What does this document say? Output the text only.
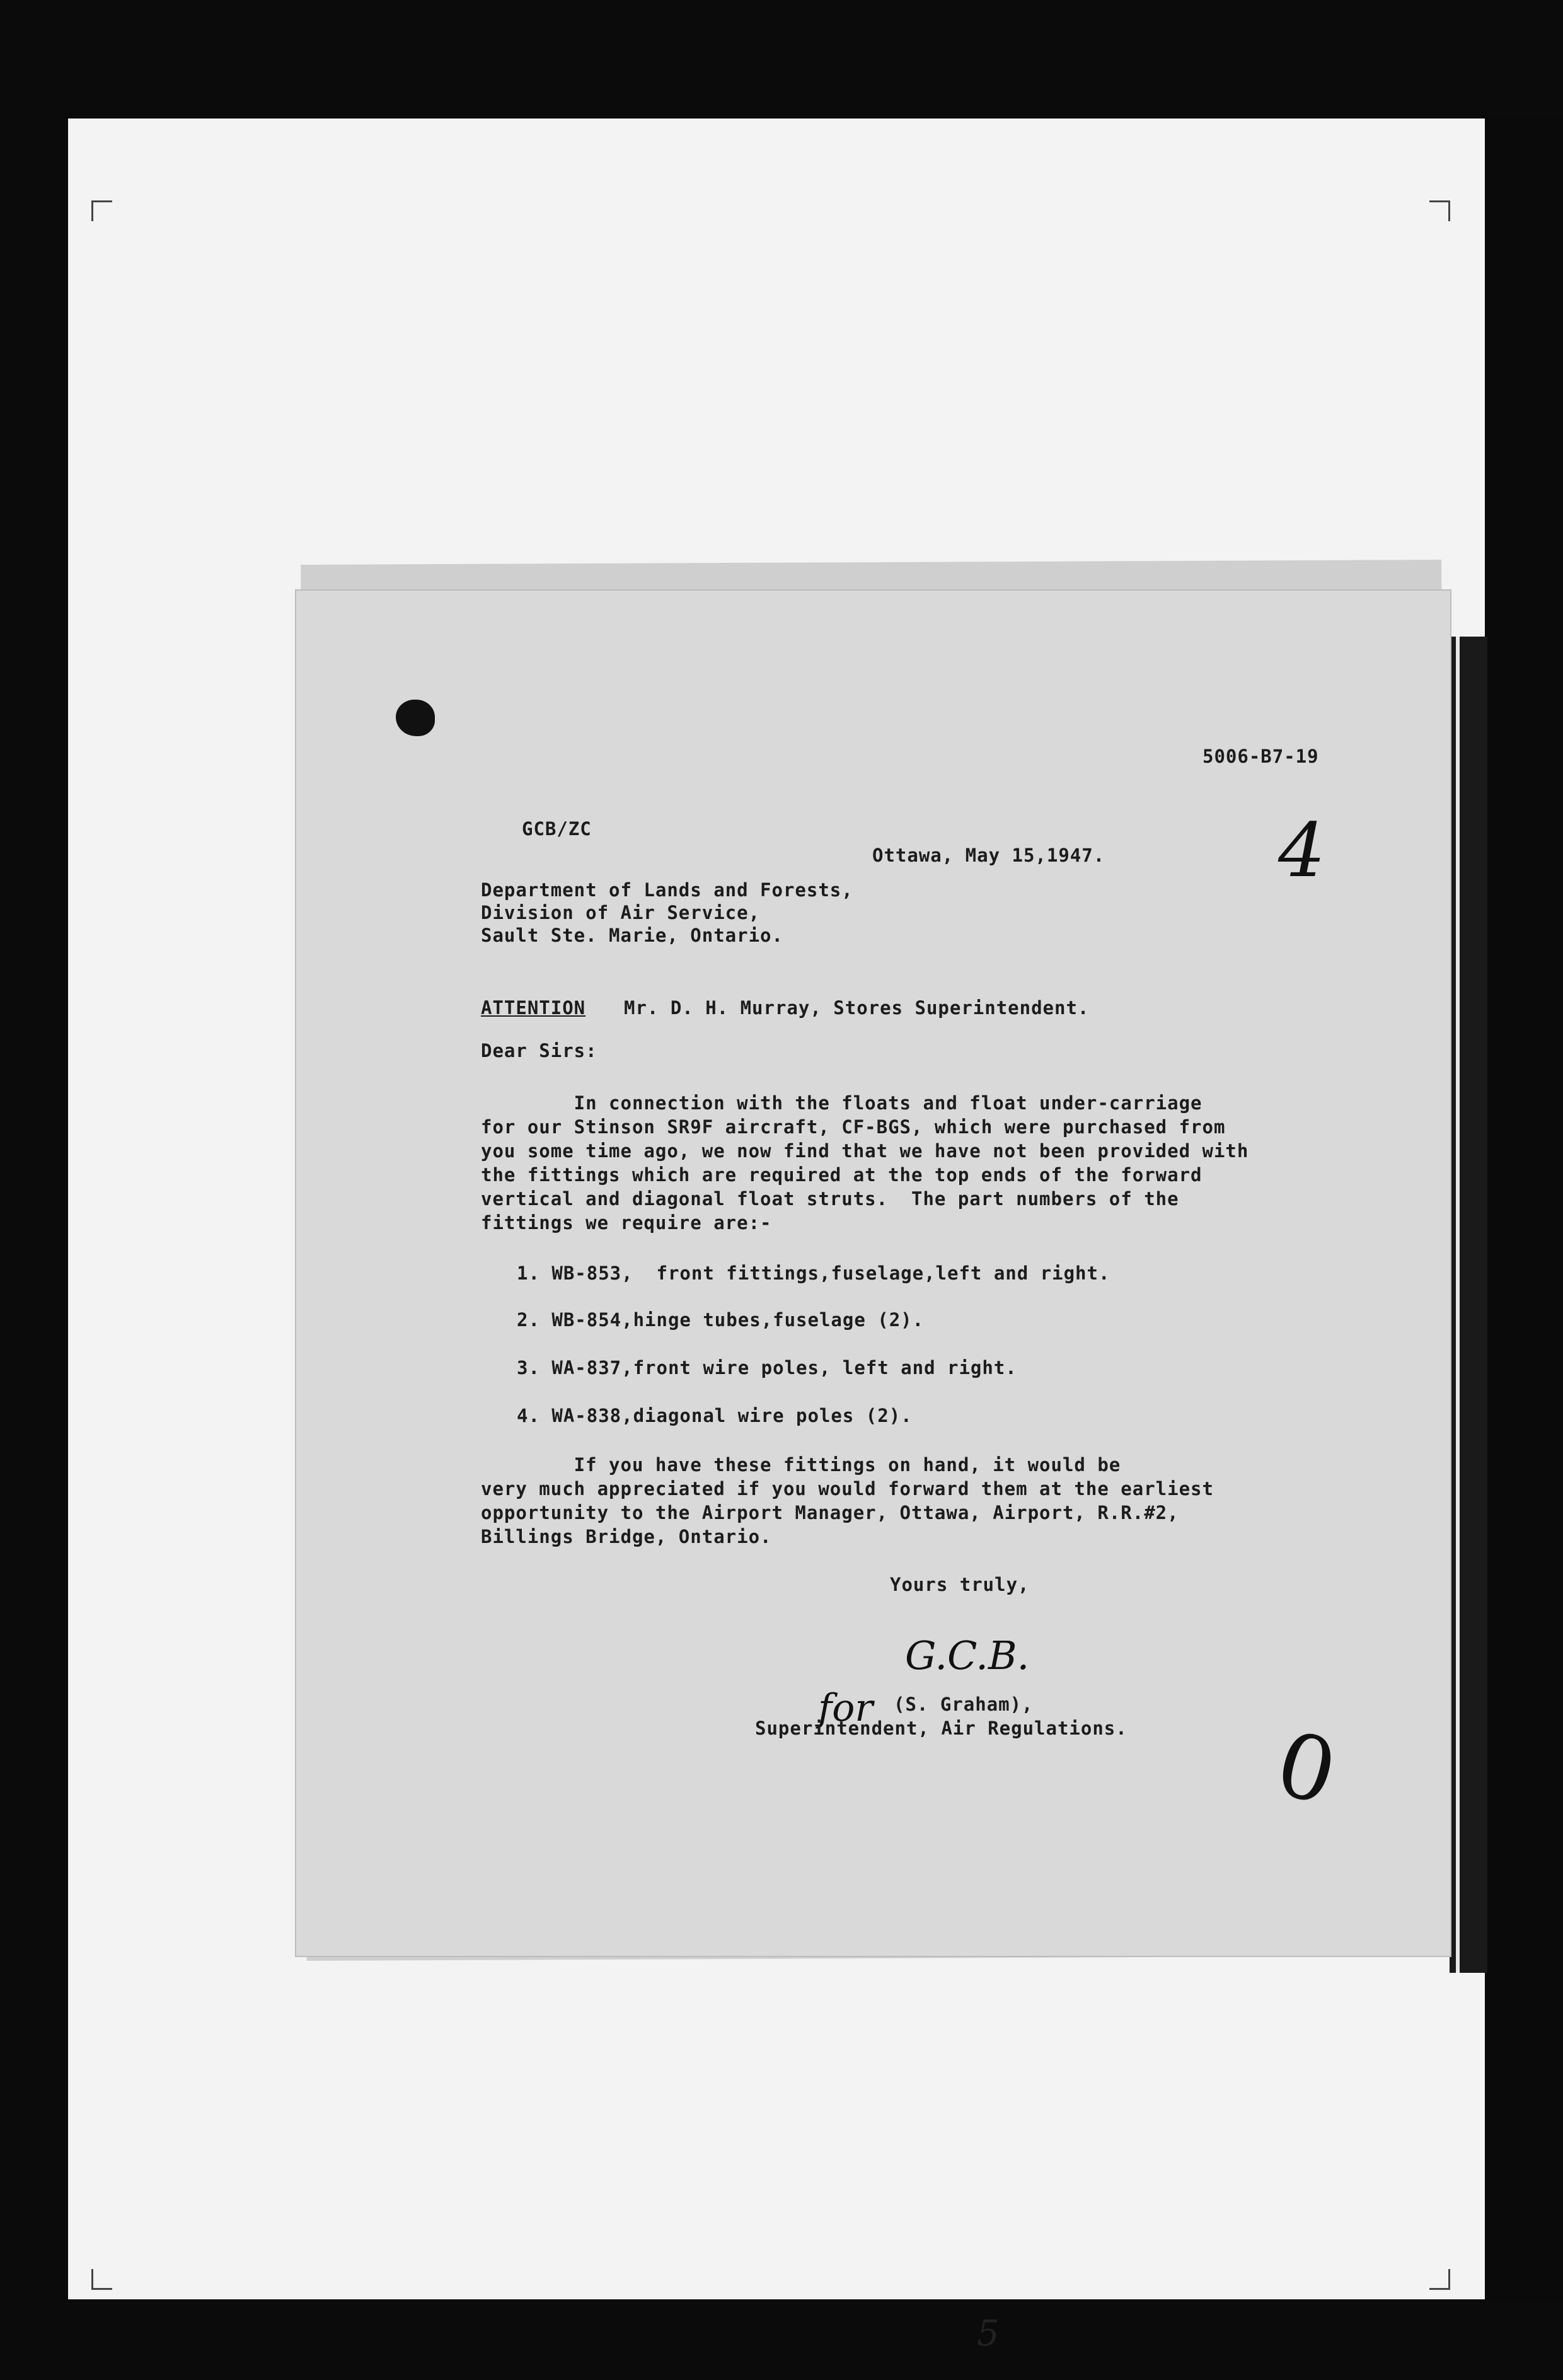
5006-B7-19
GCB/ZC
Ottawa, May 15,1947. 4
Department of Lands and Forests,
Division of Air Service,
Sault Ste. Marie, Ontario.
ATTENTION Mr. D. H. Murray, Stores Superintendent.
Dear Sirs:
In connection with the floats and float under-carriage
for our Stinson SR9F aircraft, CF-BGS, which were purchased from
you some time ago, we now find that we have not been provided with
the fittings which are required at the top ends of the forward
vertical and diagonal float struts.  The part numbers of the
fittings we require are:-
1. WB-853,  front fittings,fuselage,left and right.
2. WB-854,hinge tubes,fuselage (2).
3. WA-837,front wire poles, left and right.
4. WA-838,diagonal wire poles (2).
If you have these fittings on hand, it would be
very much appreciated if you would forward them at the earliest
opportunity to the Airport Manager, Ottawa, Airport, R.R.#2,
Billings Bridge, Ontario.
Yours truly,
G.C.B.
for (S. Graham),
Superintendent, Air Regulations. 0
5
